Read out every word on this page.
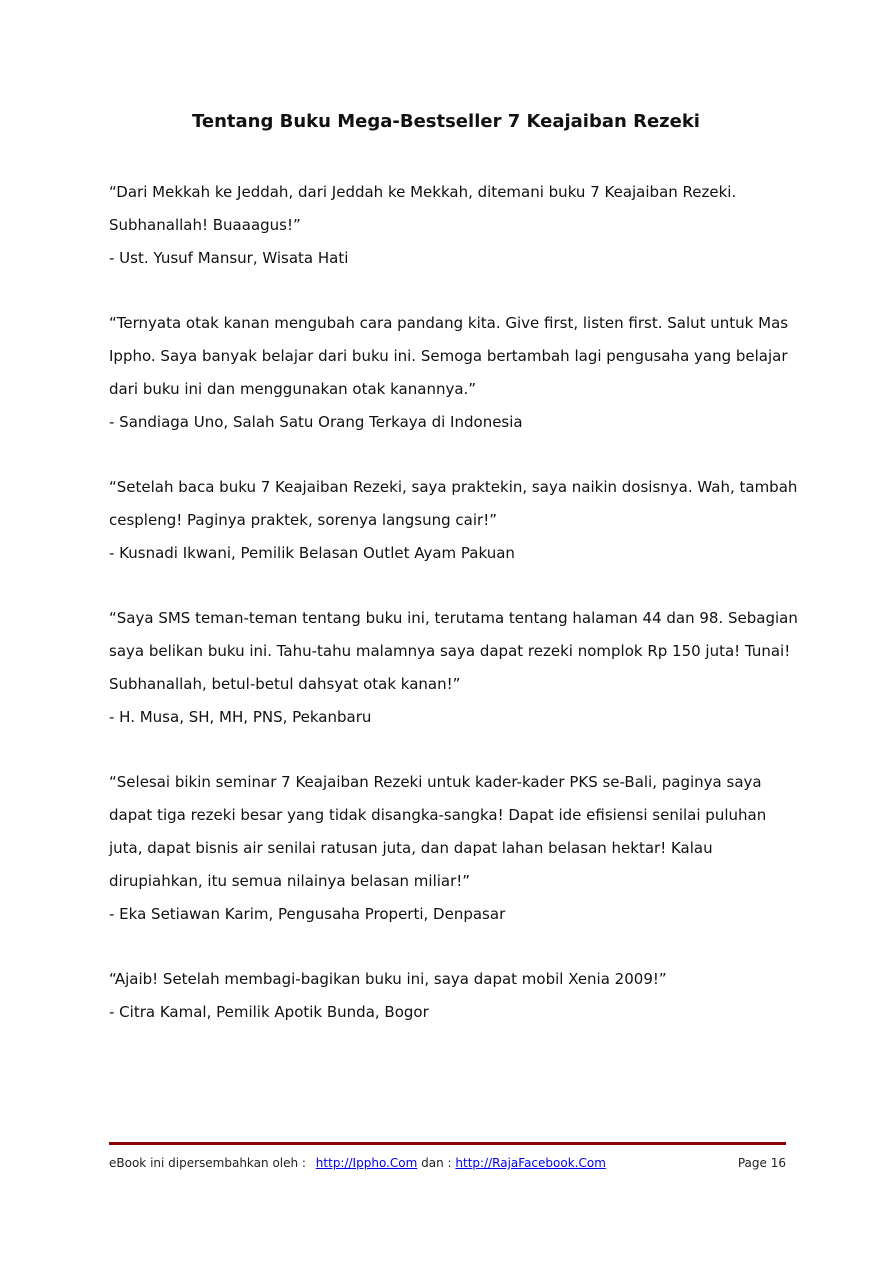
Tentang Buku Mega-Bestseller 7 Keajaiban Rezeki
“Dari Mekkah ke Jeddah, dari Jeddah ke Mekkah, ditemani buku 7 Keajaiban Rezeki. Subhanallah! Buaaagus!”
- Ust. Yusuf Mansur, Wisata Hati
“Ternyata otak kanan mengubah cara pandang kita. Give first, listen first. Salut untuk Mas Ippho. Saya banyak belajar dari buku ini. Semoga bertambah lagi pengusaha yang belajar dari buku ini dan menggunakan otak kanannya.”
- Sandiaga Uno, Salah Satu Orang Terkaya di Indonesia
“Setelah baca buku 7 Keajaiban Rezeki, saya praktekin, saya naikin dosisnya. Wah, tambah cespleng! Paginya praktek, sorenya langsung cair!”
- Kusnadi Ikwani, Pemilik Belasan Outlet Ayam Pakuan
“Saya SMS teman-teman tentang buku ini, terutama tentang halaman 44 dan 98. Sebagian saya belikan buku ini. Tahu-tahu malamnya saya dapat rezeki nomplok Rp 150 juta! Tunai! Subhanallah, betul-betul dahsyat otak kanan!”
- H. Musa, SH, MH, PNS, Pekanbaru
“Selesai bikin seminar 7 Keajaiban Rezeki untuk kader-kader PKS se-Bali, paginya saya dapat tiga rezeki besar yang tidak disangka-sangka! Dapat ide efisiensi senilai puluhan juta, dapat bisnis air senilai ratusan juta, dan dapat lahan belasan hektar! Kalau dirupiahkan, itu semua nilainya belasan miliar!”
- Eka Setiawan Karim, Pengusaha Properti, Denpasar
“Ajaib! Setelah membagi-bagikan buku ini, saya dapat mobil Xenia 2009!”
- Citra Kamal, Pemilik Apotik Bunda, Bogor
eBook ini dipersembahkan oleh : http://Ippho.Com dan : http://RajaFacebook.Com	Page 16
